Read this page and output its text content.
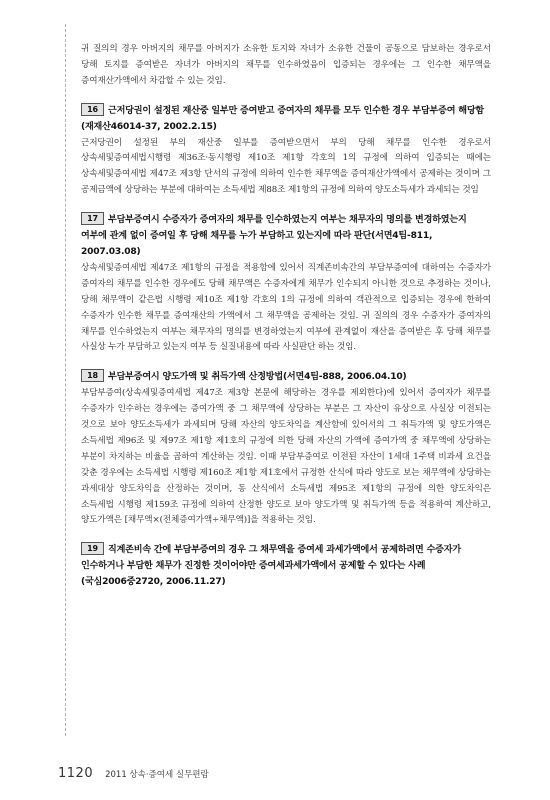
귀 질의의 경우 아버지의 채무를 아버지가 소유한 토지와 자녀가 소유한 건물이 공동으로 담보하는 경우로서 당해 토지를 증여받은 자녀가 아버지의 채무를 인수하였음이 입증되는 경우에는 그 인수한 채무액을 증여재산가액에서 차감할 수 있는 것임.

16 근저당권이 설정된 재산중 일부만 증여받고 증여자의 채무를 모두 인수한 경우 부담부증여 해당함(재재산46014-37, 2002.2.15)

근저당권이 설정된 부의 재산중 일부를 증여받으면서 부의 당해 채무를 인수한 경우로서 상속세및증여세법시행령 제36조·동시행령 제10조 제1항 각호의 1의 규정에 의하여 입증되는 때에는 상속세및증여세법 제47조 제3항 단서의 규정에 의하여 인수한 채무액을 증여재산가액에서 공제하는 것이며 그 공제금액에 상당하는 부분에 대하여는 소득세법 제88조 제1항의 규정에 의하여 양도소득세가 과세되는 것임

17 부담부증여시 수증자가 증여자의 채무를 인수하였는지 여부는 채무자의 명의를 변경하였는지 여부에 관계 없이 증여일 후 당해 채무를 누가 부담하고 있는지에 따라 판단(서면4팀-811, 2007.03.08)

상속세및증여세법 제47조 제1항의 규정을 적용함에 있어서 직계존비속간의 부담부증여에 대하여는 수증자가 증여자의 채무를 인수한 경우에도 당해 채무액은 수증자에게 채무가 인수되지 아니한 것으로 추정하는 것이나, 당해 채무액이 같은법 시행령 제10조 제1항 각호의 1의 규정에 의하여 객관적으로 입증되는 경우에 한하여 수증자가 인수한 채무를 증여재산의 가액에서 그 채무액을 공제하는 것임. 귀 질의의 경우 수증자가 증여자의 채무를 인수하였는지 여부는 채무자의 명의를 변경하였는지 여부에 관계없이 재산을 증여받은 후 당해 채무를 사실상 누가 부담하고 있는지 여부 등 실질내용에 따라 사실판단 하는 것임.

18 부담부증여시 양도가액 및 취득가액 산정방법(서면4팀-888, 2006.04.10)

부담부증여(상속세및증여세법 제47조 제3항 본문에 해당하는 경우를 제외한다)에 있어서 증여자가 채무를 수증자가 인수하는 경우에는 증여가액 중 그 채무액에 상당하는 부분은 그 자산이 유상으로 사실상 이전되는 것으로 보아 양도소득세가 과세되며 당해 자산의 양도차익을 계산함에 있어서의 그 취득가액 및 양도가액은 소득세법 제96조 및 제97조 제1항 제1호의 규정에 의한 당해 자산의 가액에 증여가액 중 채무액에 상당하는 부분이 차지하는 비율을 곱하여 계산하는 것임. 이때 부담부증여로 이전된 자산이 1세대 1주택 비과세 요건을 갖춘 경우에는 소득세법 시행령 제160조 제1항 제1호에서 규정한 산식에 따라 양도로 보는 채무액에 상당하는 과세대상 양도차익을 산정하는 것이며, 동 산식에서 소득세법 제95조 제1항의 규정에 의한 양도차익은 소득세법 시행령 제159조 규정에 의하여 산정한 양도로 보아 양도가액 및 취득가액 등을 적용하여 계산하고, 양도가액은 [채무액×(전체증여가액÷채무액)]을 적용하는 것임.

19 직계존비속 간에 부담부증여의 경우 그 채무액을 증여세 과세가액에서 공제하려면 수증자가 인수하거나 부담한 채무가 진정한 것이어야만 증여세과세가액에서 공제할 수 있다는 사례(국심2006중2720, 2006.11.27)

1120 2011 상속·증여세 실무편람
